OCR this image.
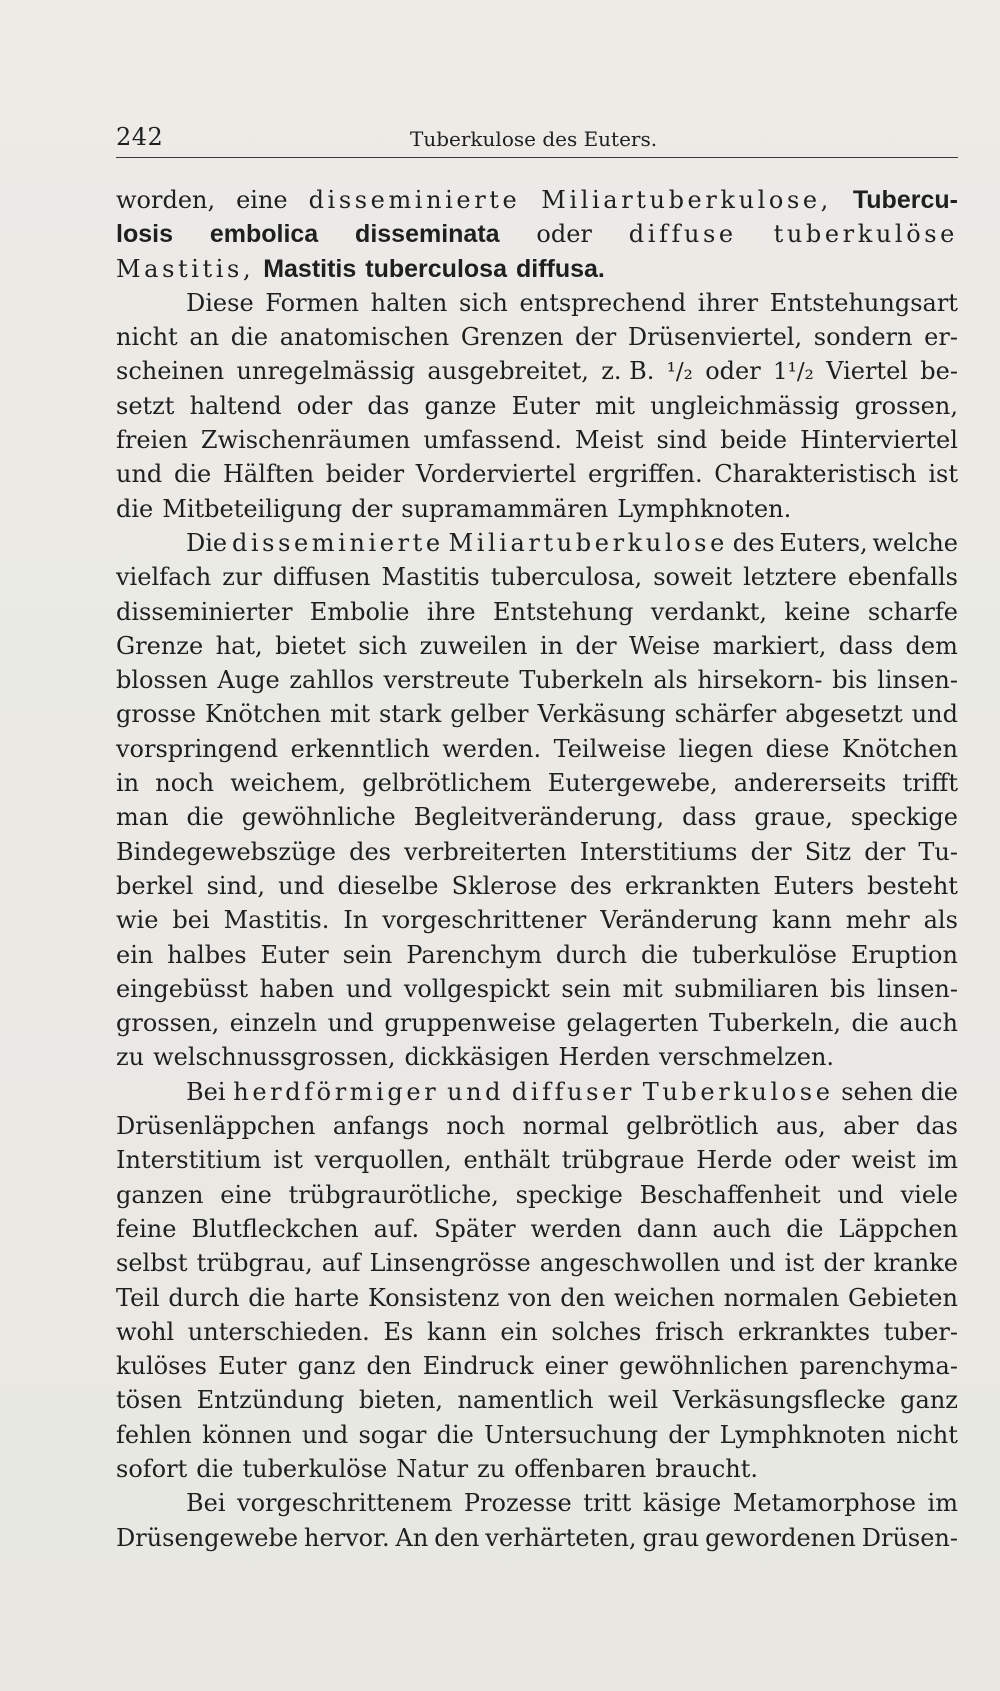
242	Tuberkulose des Euters.
worden, eine disseminierte Miliartuberkulose, Tubercu-
losis embolica disseminata oder diffuse tuberkulöse
Mastitis, Mastitis tuberculosa diffusa.
Diese Formen halten sich entsprechend ihrer Entstehungsart
nicht an die anatomischen Grenzen der Drüsenviertel, sondern er-
scheinen unregelmässig ausgebreitet, z. B. ¹/₂ oder 1¹/₂ Viertel be-
setzt haltend oder das ganze Euter mit ungleichmässig grossen,
freien Zwischenräumen umfassend. Meist sind beide Hinterviertel
und die Hälften beider Vorderviertel ergriffen. Charakteristisch ist
die Mitbeteiligung der supramammären Lymphknoten.
Die disseminierte Miliartuberkulose des Euters, welche
vielfach zur diffusen Mastitis tuberculosa, soweit letztere ebenfalls
disseminierter Embolie ihre Entstehung verdankt, keine scharfe
Grenze hat, bietet sich zuweilen in der Weise markiert, dass dem
blossen Auge zahllos verstreute Tuberkeln als hirsekorn- bis linsen-
grosse Knötchen mit stark gelber Verkäsung schärfer abgesetzt und
vorspringend erkenntlich werden. Teilweise liegen diese Knötchen
in noch weichem, gelbrötlichem Eutergewebe, andererseits trifft
man die gewöhnliche Begleitveränderung, dass graue, speckige
Bindegewebszüge des verbreiterten Interstitiums der Sitz der Tu-
berkel sind, und dieselbe Sklerose des erkrankten Euters besteht
wie bei Mastitis. In vorgeschrittener Veränderung kann mehr als
ein halbes Euter sein Parenchym durch die tuberkulöse Eruption
eingebüsst haben und vollgespickt sein mit submiliaren bis linsen-
grossen, einzeln und gruppenweise gelagerten Tuberkeln, die auch
zu welschnussgrossen, dickkäsigen Herden verschmelzen.
Bei herdförmiger und diffuser Tuberkulose sehen die
Drüsenläppchen anfangs noch normal gelbrötlich aus, aber das
Interstitium ist verquollen, enthält trübgraue Herde oder weist im
ganzen eine trübgraurötliche, speckige Beschaffenheit und viele
feine Blutfleckchen auf. Später werden dann auch die Läppchen
selbst trübgrau, auf Linsengrösse angeschwollen und ist der kranke
Teil durch die harte Konsistenz von den weichen normalen Gebieten
wohl unterschieden. Es kann ein solches frisch erkranktes tuber-
kulöses Euter ganz den Eindruck einer gewöhnlichen parenchyma-
tösen Entzündung bieten, namentlich weil Verkäsungsflecke ganz
fehlen können und sogar die Untersuchung der Lymphknoten nicht
sofort die tuberkulöse Natur zu offenbaren braucht.
Bei vorgeschrittenem Prozesse tritt käsige Metamorphose im
Drüsengewebe hervor. An den verhärteten, grau gewordenen Drüsen-
